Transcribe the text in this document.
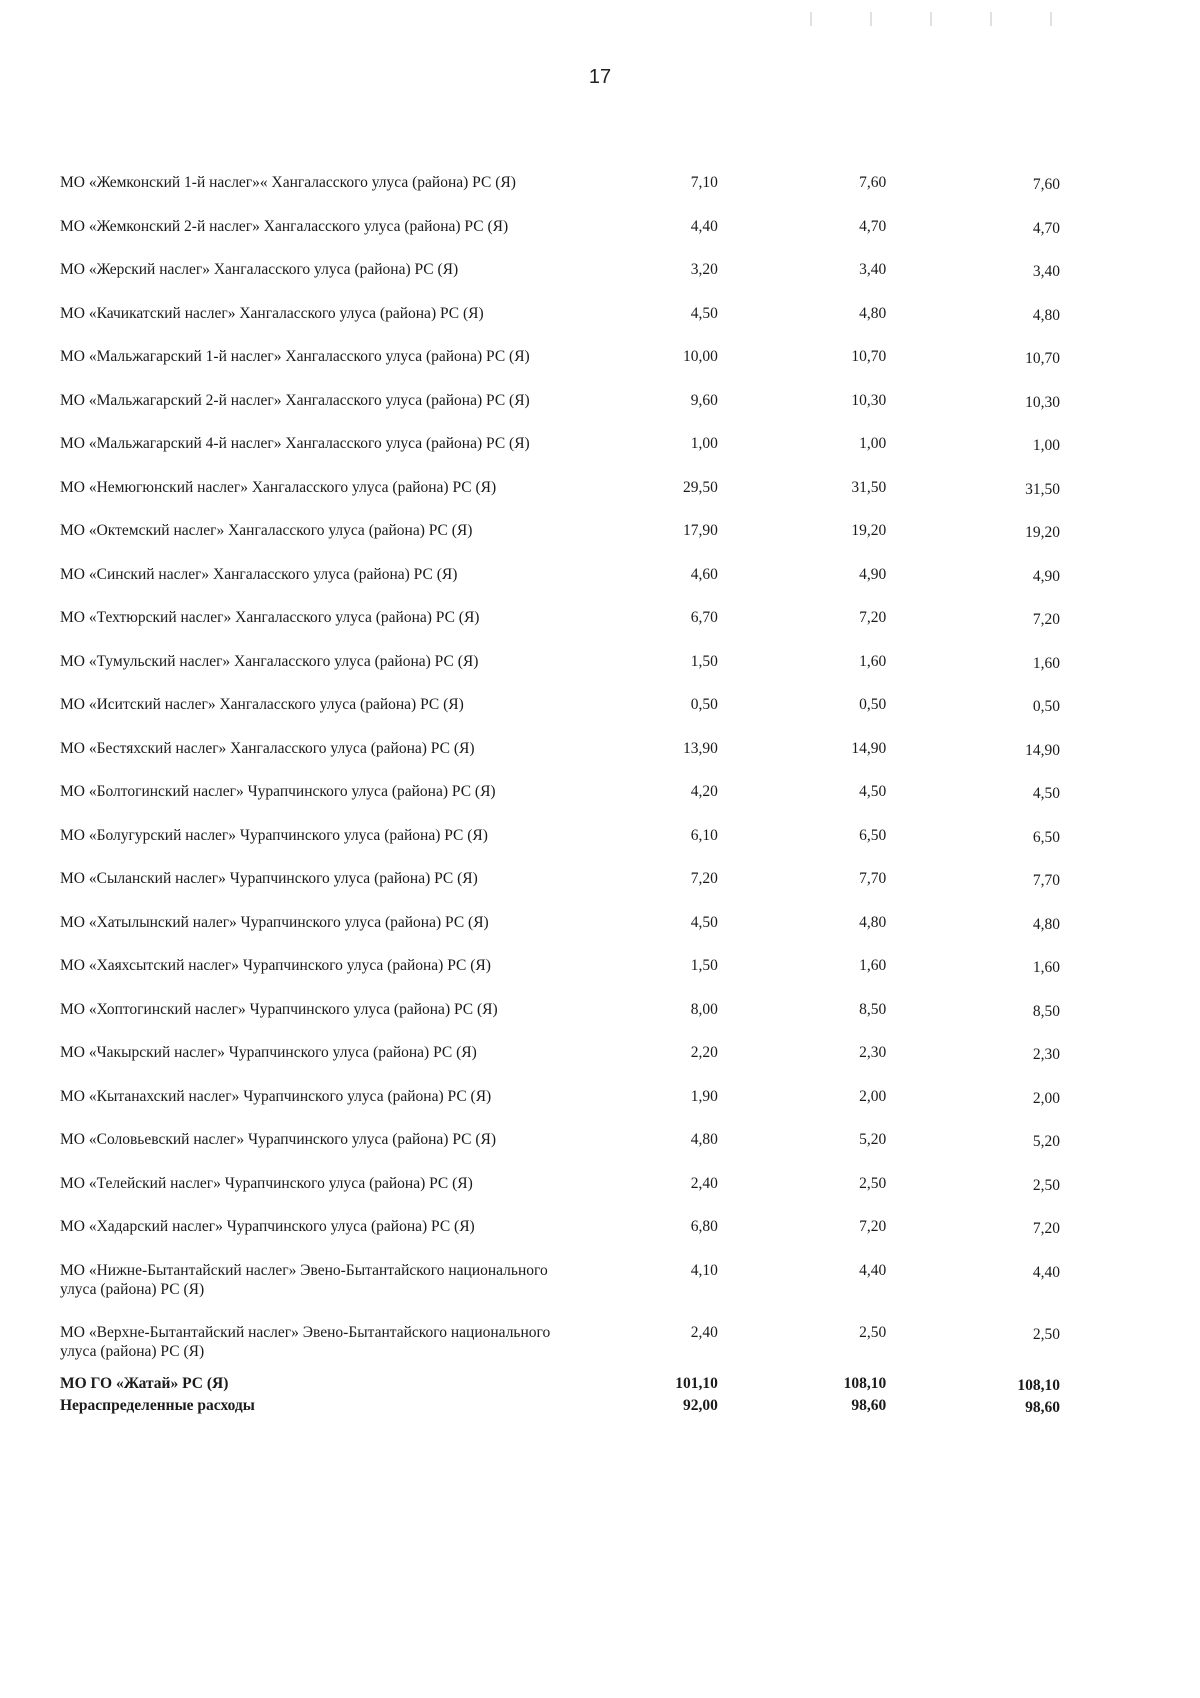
17
МО «Жемконский 1-й наслег»« Хангаласского улуса (района) РС (Я)	7,10	7,60	7,60
МО «Жемконский 2-й наслег» Хангаласского улуса (района) РС (Я)	4,40	4,70	4,70
МО «Жерский наслег» Хангаласского улуса (района) РС (Я)	3,20	3,40	3,40
МО «Качикатский наслег» Хангаласского улуса (района) РС (Я)	4,50	4,80	4,80
МО «Мальжагарский 1-й наслег» Хангаласского улуса (района) РС (Я)	10,00	10,70	10,70
МО «Мальжагарский 2-й наслег» Хангаласского улуса (района) РС (Я)	9,60	10,30	10,30
МО «Мальжагарский 4-й наслег» Хангаласского улуса (района) РС (Я)	1,00	1,00	1,00
МО «Немюгюнский наслег» Хангаласского улуса (района) РС (Я)	29,50	31,50	31,50
МО «Октемский наслег» Хангаласского улуса (района) РС (Я)	17,90	19,20	19,20
МО «Синский наслег» Хангаласского улуса (района) РС (Я)	4,60	4,90	4,90
МО «Техтюрский наслег» Хангаласского улуса (района) РС (Я)	6,70	7,20	7,20
МО «Тумульский наслег» Хангаласского улуса (района) РС (Я)	1,50	1,60	1,60
МО «Иситский наслег» Хангаласского улуса (района) РС (Я)	0,50	0,50	0,50
МО «Бестяхский наслег» Хангаласского улуса (района) РС (Я)	13,90	14,90	14,90
МО «Болтогинский наслег» Чурапчинского улуса (района) РС (Я)	4,20	4,50	4,50
МО «Болугурский наслег» Чурапчинского улуса (района) РС (Я)	6,10	6,50	6,50
МО «Сыланский наслег» Чурапчинского улуса (района) РС (Я)	7,20	7,70	7,70
МО «Хатылынский налег» Чурапчинского улуса (района) РС (Я)	4,50	4,80	4,80
МО «Хаяхсытский наслег» Чурапчинского улуса (района) РС (Я)	1,50	1,60	1,60
МО «Хоптогинский наслег» Чурапчинского улуса (района) РС (Я)	8,00	8,50	8,50
МО «Чакырский наслег» Чурапчинского улуса (района) РС (Я)	2,20	2,30	2,30
МО «Кытанахский наслег» Чурапчинского улуса (района) РС (Я)	1,90	2,00	2,00
МО «Соловьевский наслег» Чурапчинского улуса (района) РС (Я)	4,80	5,20	5,20
МО «Телейский наслег» Чурапчинского улуса (района) РС (Я)	2,40	2,50	2,50
МО «Хадарский наслег» Чурапчинского улуса (района) РС (Я)	6,80	7,20	7,20
МО «Нижне-Бытантайский наслег» Эвено-Бытантайского национального улуса (района) РС (Я)	4,10	4,40	4,40
МО «Верхне-Бытантайский наслег» Эвено-Бытантайского национального улуса (района) РС (Я)	2,40	2,50	2,50

МО ГО «Жатай» РС (Я)	101,10	108,10	108,10
Нераспределенные расходы	92,00	98,60	98,60
